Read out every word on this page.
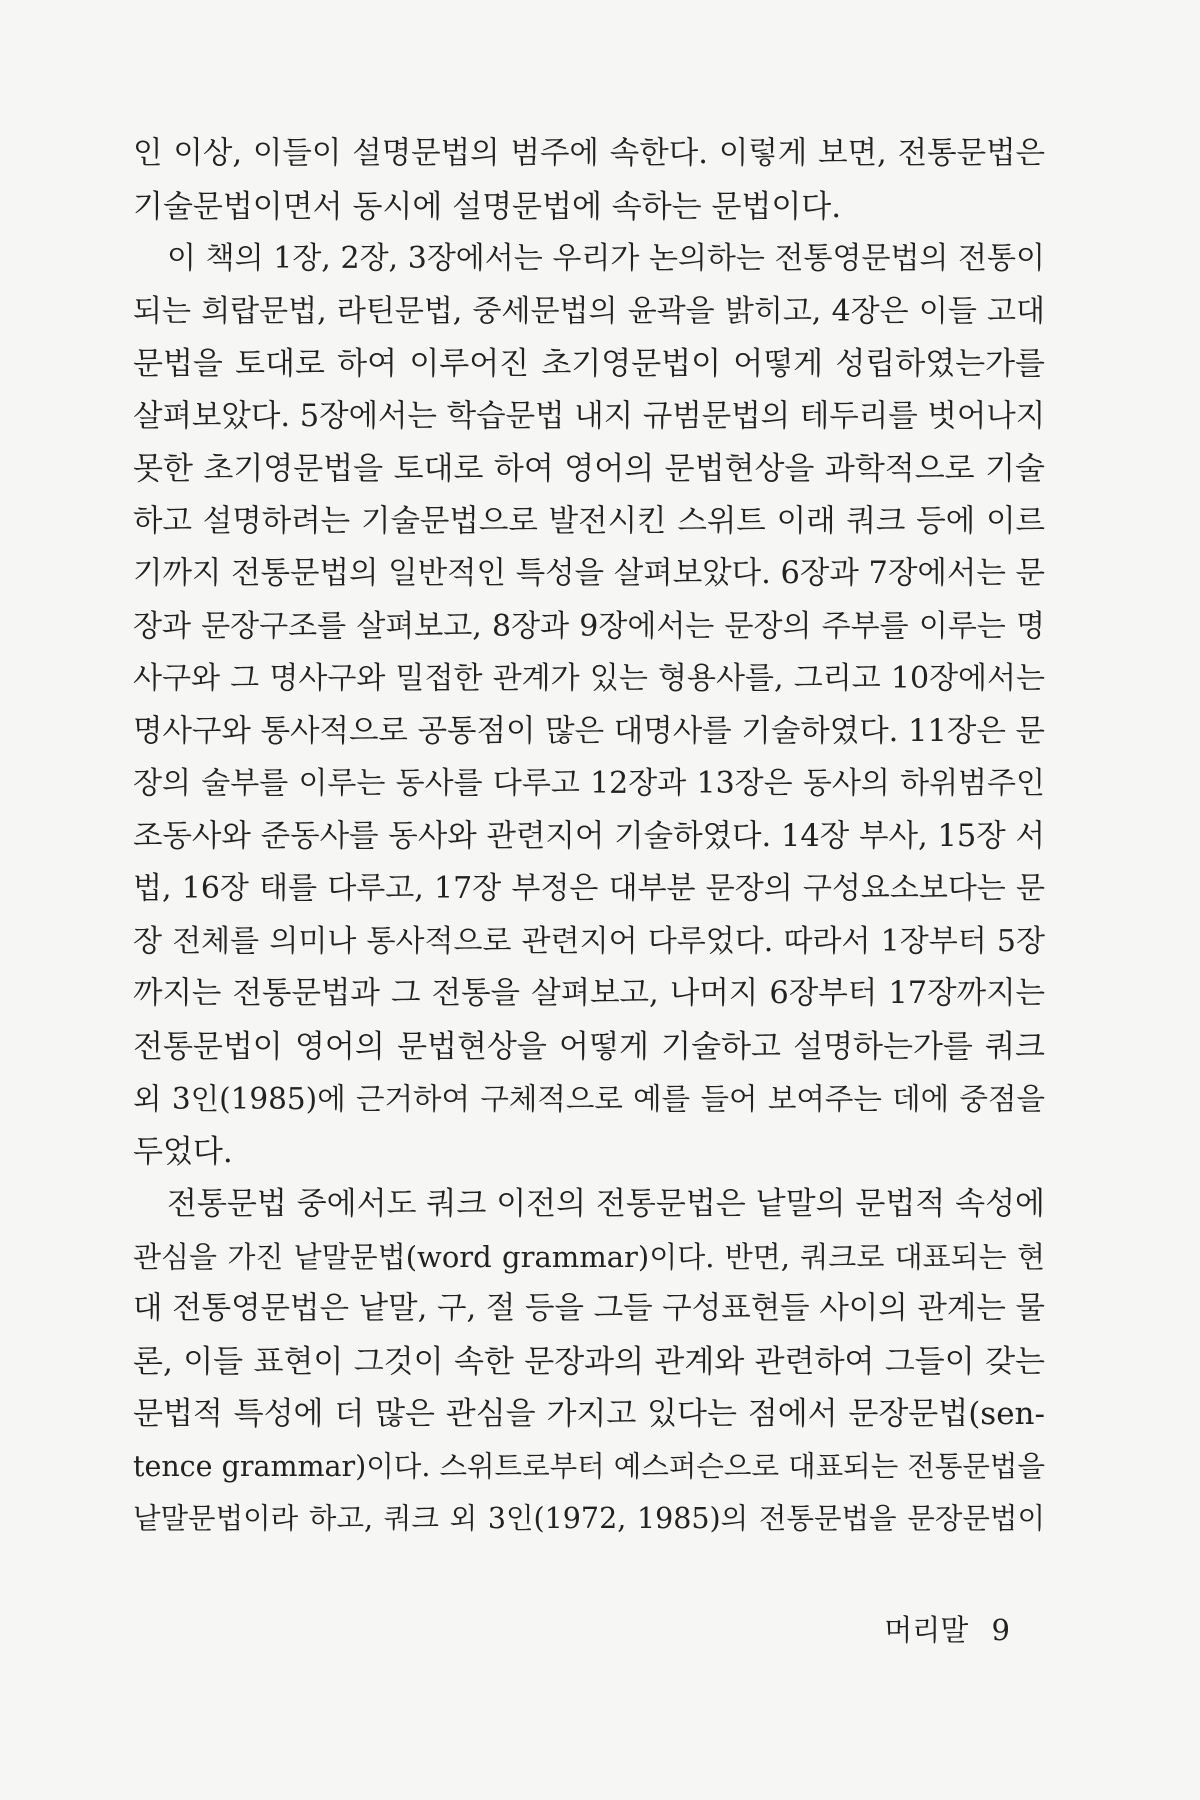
인 이상, 이들이 설명문법의 범주에 속한다. 이렇게 보면, 전통문법은
기술문법이면서 동시에 설명문법에 속하는 문법이다.
이 책의 1장, 2장, 3장에서는 우리가 논의하는 전통영문법의 전통이
되는 희랍문법, 라틴문법, 중세문법의 윤곽을 밝히고, 4장은 이들 고대
문법을 토대로 하여 이루어진 초기영문법이 어떻게 성립하였는가를
살펴보았다. 5장에서는 학습문법 내지 규범문법의 테두리를 벗어나지
못한 초기영문법을 토대로 하여 영어의 문법현상을 과학적으로 기술
하고 설명하려는 기술문법으로 발전시킨 스위트 이래 쿼크 등에 이르
기까지 전통문법의 일반적인 특성을 살펴보았다. 6장과 7장에서는 문
장과 문장구조를 살펴보고, 8장과 9장에서는 문장의 주부를 이루는 명
사구와 그 명사구와 밀접한 관계가 있는 형용사를, 그리고 10장에서는
명사구와 통사적으로 공통점이 많은 대명사를 기술하였다. 11장은 문
장의 술부를 이루는 동사를 다루고 12장과 13장은 동사의 하위범주인
조동사와 준동사를 동사와 관련지어 기술하였다. 14장 부사, 15장 서
법, 16장 태를 다루고, 17장 부정은 대부분 문장의 구성요소보다는 문
장 전체를 의미나 통사적으로 관련지어 다루었다. 따라서 1장부터 5장
까지는 전통문법과 그 전통을 살펴보고, 나머지 6장부터 17장까지는
전통문법이 영어의 문법현상을 어떻게 기술하고 설명하는가를 쿼크
외 3인(1985)에 근거하여 구체적으로 예를 들어 보여주는 데에 중점을
두었다.
전통문법 중에서도 쿼크 이전의 전통문법은 낱말의 문법적 속성에
관심을 가진 낱말문법(word grammar)이다. 반면, 쿼크로 대표되는 현
대 전통영문법은 낱말, 구, 절 등을 그들 구성표현들 사이의 관계는 물
론, 이들 표현이 그것이 속한 문장과의 관계와 관련하여 그들이 갖는
문법적 특성에 더 많은 관심을 가지고 있다는 점에서 문장문법(sen-
tence grammar)이다. 스위트로부터 예스퍼슨으로 대표되는 전통문법을
낱말문법이라 하고, 쿼크 외 3인(1972, 1985)의 전통문법을 문장문법이
머리말 9
